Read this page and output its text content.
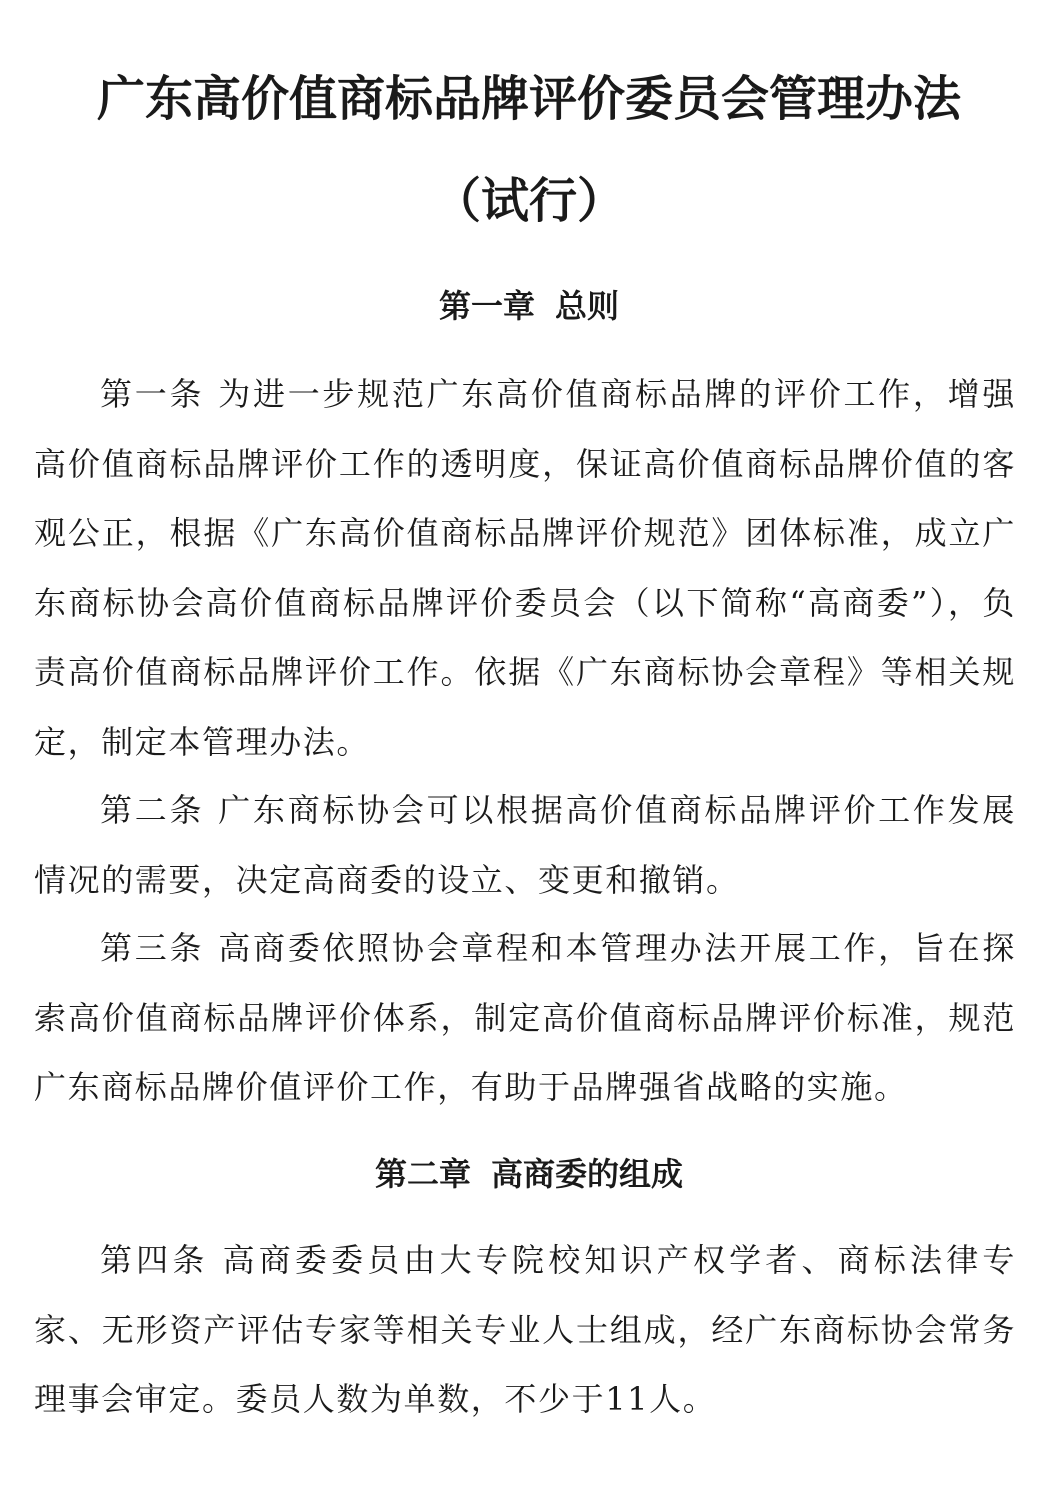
广东高价值商标品牌评价委员会管理办法
（试行）
第一章 总则

第一条 为进一步规范广东高价值商标品牌的评价工作，增强高价值商标品牌评价工作的透明度，保证高价值商标品牌价值的客观公正，根据《广东高价值商标品牌评价规范》团体标准，成立广东商标协会高价值商标品牌评价委员会（以下简称“高商委”），负责高价值商标品牌评价工作。依据《广东商标协会章程》等相关规定，制定本管理办法。

第二条 广东商标协会可以根据高价值商标品牌评价工作发展情况的需要，决定高商委的设立、变更和撤销。

第三条 高商委依照协会章程和本管理办法开展工作，旨在探索高价值商标品牌评价体系，制定高价值商标品牌评价标准，规范广东商标品牌价值评价工作，有助于品牌强省战略的实施。

第二章 高商委的组成

第四条 高商委委员由大专院校知识产权学者、商标法律专家、无形资产评估专家等相关专业人士组成，经广东商标协会常务理事会审定。委员人数为单数，不少于11人。
